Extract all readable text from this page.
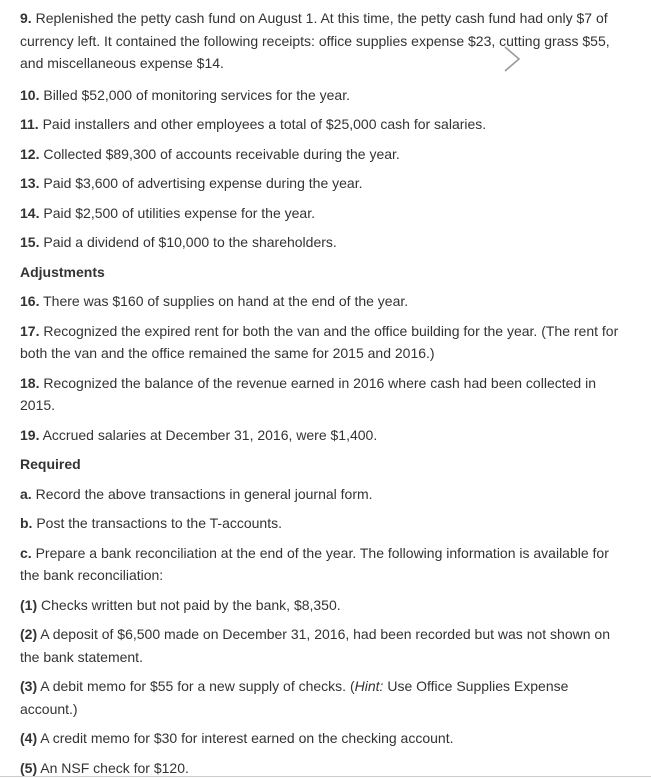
9. Replenished the petty cash fund on August 1. At this time, the petty cash fund had only $7 of currency left. It contained the following receipts: office supplies expense $23, cutting grass $55, and miscellaneous expense $14.

10. Billed $52,000 of monitoring services for the year.

11. Paid installers and other employees a total of $25,000 cash for salaries.

12. Collected $89,300 of accounts receivable during the year.

13. Paid $3,600 of advertising expense during the year.

14. Paid $2,500 of utilities expense for the year.

15. Paid a dividend of $10,000 to the shareholders.

Adjustments

16. There was $160 of supplies on hand at the end of the year.

17. Recognized the expired rent for both the van and the office building for the year. (The rent for both the van and the office remained the same for 2015 and 2016.)

18. Recognized the balance of the revenue earned in 2016 where cash had been collected in 2015.

19. Accrued salaries at December 31, 2016, were $1,400.

Required

a. Record the above transactions in general journal form.

b. Post the transactions to the T-accounts.

c. Prepare a bank reconciliation at the end of the year. The following information is available for the bank reconciliation:

(1) Checks written but not paid by the bank, $8,350.

(2) A deposit of $6,500 made on December 31, 2016, had been recorded but was not shown on the bank statement.

(3) A debit memo for $55 for a new supply of checks. (Hint: Use Office Supplies Expense account.)

(4) A credit memo for $30 for interest earned on the checking account.

(5) An NSF check for $120.
